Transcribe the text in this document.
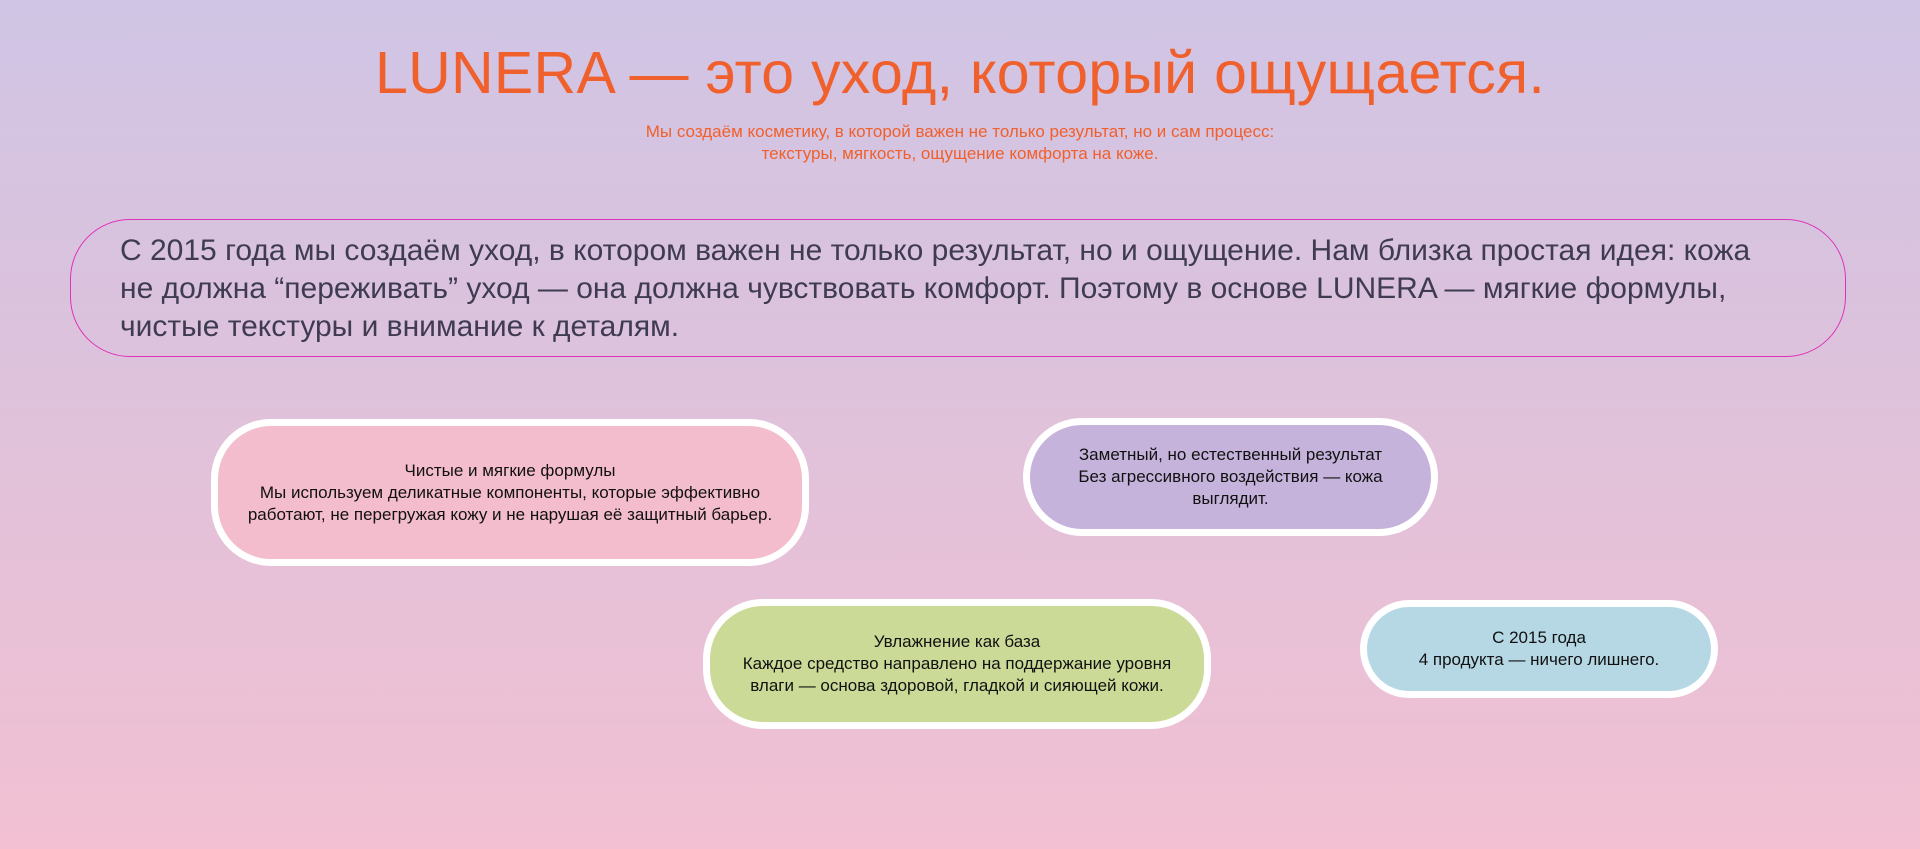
LUNERA — это уход, который ощущается.

Мы создаём косметику, в которой важен не только результат, но и сам процесс: текстуры, мягкость, ощущение комфорта на коже.

С 2015 года мы создаём уход, в котором важен не только результат, но и ощущение. Нам близка простая идея: кожа не должна “переживать” уход — она должна чувствовать комфорт. Поэтому в основе LUNERA — мягкие формулы, чистые текстуры и внимание к деталям.
Чистые и мягкие формулы
Мы используем деликатные компоненты, которые эффективно работают, не перегружая кожу и не нарушая её защитный барьер.
Заметный, но естественный результат
Без агрессивного воздействия — кожа выглядит.
Увлажнение как база
Каждое средство направлено на поддержание уровня влаги — основа здоровой, гладкой и сияющей кожи.
С 2015 года
4 продукта — ничего лишнего.
